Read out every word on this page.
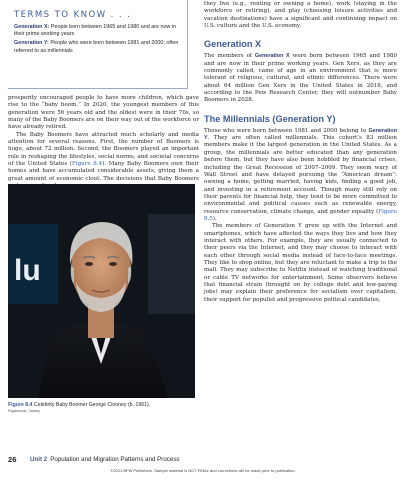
TERMS TO KNOW . . .
Generation X: People born between 1965 and 1980 and are now in their prime working years
Generation Y: People who were born between 1981 and 2000; often referred to as millennials

prosperity encouraged people to have more children, which gave rise to the “baby boom.” In 2020, the youngest members of this generation were 56 years old and the oldest were in their 70s, so many of the Baby Boomers are on their way out of the workforce or have already retired.

The Baby Boomers have attracted much scholarly and media attention for several reasons. First, the number of Boomers is huge, about 72 million. Second, the Boomers played an important role in reshaping the lifestyles, social norms, and societal concerns of the United States (Figure 8.4). Many Baby Boomers own their homes and have accumulated considerable assets, giving them a great amount of economic clout. The decisions that Baby Boomers

lu
Figure 8.4 Celebrity Baby Boomer George Clooney (b. 1961).
Rigamonar / Alamy

they live (e.g., renting or owning a home), work (staying in the workforce or retiring), and play (choosing leisure activities and vacation destinations) have a significant and continuing impact on U.S. culture and the U.S. economy.

Generation X

The members of Generation X were born between 1965 and 1980 and are now in their prime working years. Gen Xers, as they are commonly called, came of age in an environment that is more tolerant of religious, cultural, and ethnic differences. There were about 64 million Gen Xers in the United States in 2018, and according to the Pew Research Center, they will outnumber Baby Boomers in 2028.

The Millennials (Generation Y)

Those who were born between 1981 and 2000 belong to Generation Y. They are often called millennials. This cohort’s 83 million members make it the largest generation in the United States. As a group, the millennials are better educated than any generation before them, but they have also been hobbled by financial crises, including the Great Recession of 2007–2009. They seem wary of Wall Street and have delayed pursuing the “American dream”: owning a home, getting married, having kids, finding a good job, and investing in a retirement account. Though many still rely on their parents for financial help, they tend to be more committed to environmental and political causes such as renewable energy, resource conservation, climate change, and gender equality (Figure 8.5).

The members of Generation Y grew up with the Internet and smartphones, which have affected the ways they live and how they interact with others. For example, they are usually connected to their peers via the Internet, and they may choose to interact with each other through social media instead of face-to-face meetings. They like to shop online, but they are reluctant to make a trip to the mall. They may subscribe to Netflix instead of watching traditional or cable TV networks for entertainment. Some observers believe that financial strain (brought on by college debt and low-paying jobs) may explain their preference for socialism over capitalism, their support for populist and progressive political candidates,

26 Unit 2 Population and Migration Patterns and Process
©2021 BFW Publishers. Sample material is NOT FINAL and corrections will be made prior to publication.
